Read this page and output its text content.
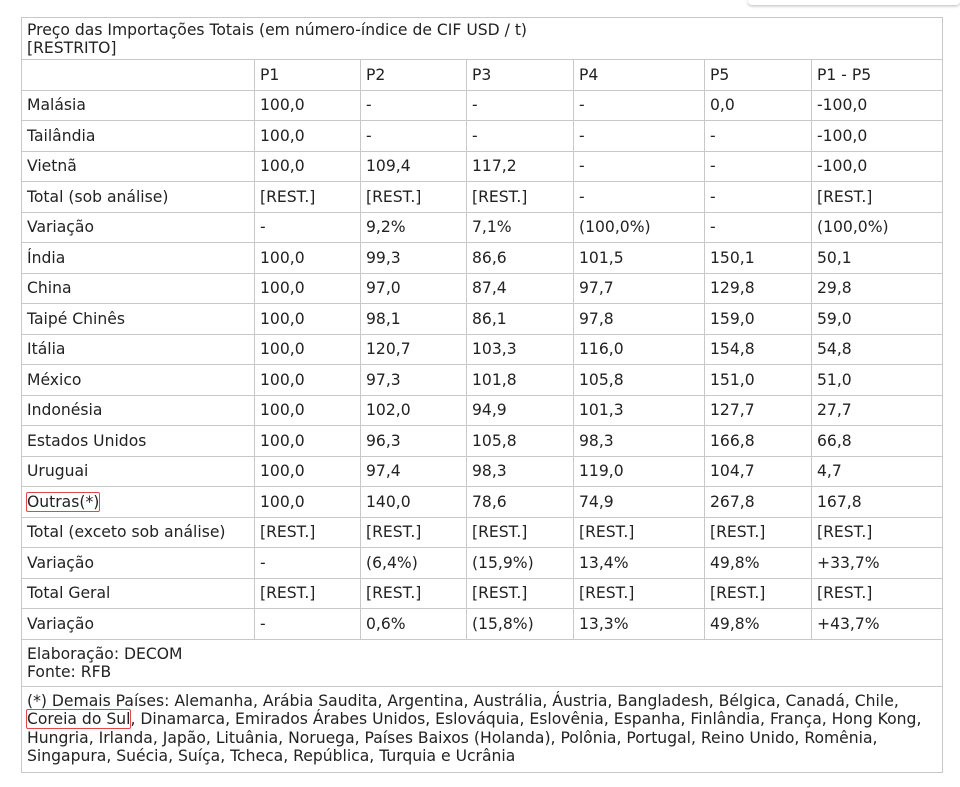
Preço das Importações Totais (em número-índice de CIF USD / t)
[RESTRITO]						

	P1	P2	P3	P4	P5	P1 - P5
Malásia	100,0	-	-	-	0,0	-100,0
Tailândia	100,0	-	-	-	-	-100,0
Vietnã	100,0	109,4	117,2	-	-	-100,0
Total (sob análise)	[REST.]	[REST.]	[REST.]	-	-	[REST.]
Variação	-	9,2%	7,1%	(100,0%)	-	(100,0%)
Índia	100,0	99,3	86,6	101,5	150,1	50,1
China	100,0	97,0	87,4	97,7	129,8	29,8
Taipé Chinês	100,0	98,1	86,1	97,8	159,0	59,0
Itália	100,0	120,7	103,3	116,0	154,8	54,8
México	100,0	97,3	101,8	105,8	151,0	51,0
Indonésia	100,0	102,0	94,9	101,3	127,7	27,7
Estados Unidos	100,0	96,3	105,8	98,3	166,8	66,8
Uruguai	100,0	97,4	98,3	119,0	104,7	4,7
Outras(*)	100,0	140,0	78,6	74,9	267,8	167,8
Total (exceto sob análise)	[REST.]	[REST.]	[REST.]	[REST.]	[REST.]	[REST.]
Variação	-	(6,4%)	(15,9%)	13,4%	49,8%	+33,7%
Total Geral	[REST.]	[REST.]	[REST.]	[REST.]	[REST.]	[REST.]
Variação	-	0,6%	(15,8%)	13,3%	49,8%	+43,7%

Elaboração: DECOM
Fonte: RFB						

(*) Demais Países: Alemanha, Arábia Saudita, Argentina, Austrália, Áustria, Bangladesh, Bélgica, Canadá, Chile, Coreia do Sul, Dinamarca, Emirados Árabes Unidos, Eslováquia, Eslovênia, Espanha, Finlândia, França, Hong Kong, Hungria, Irlanda, Japão, Lituânia, Noruega, Países Baixos (Holanda), Polônia, Portugal, Reino Unido, Romênia, Singapura, Suécia, Suíça, Tcheca, República, Turquia e Ucrânia						
